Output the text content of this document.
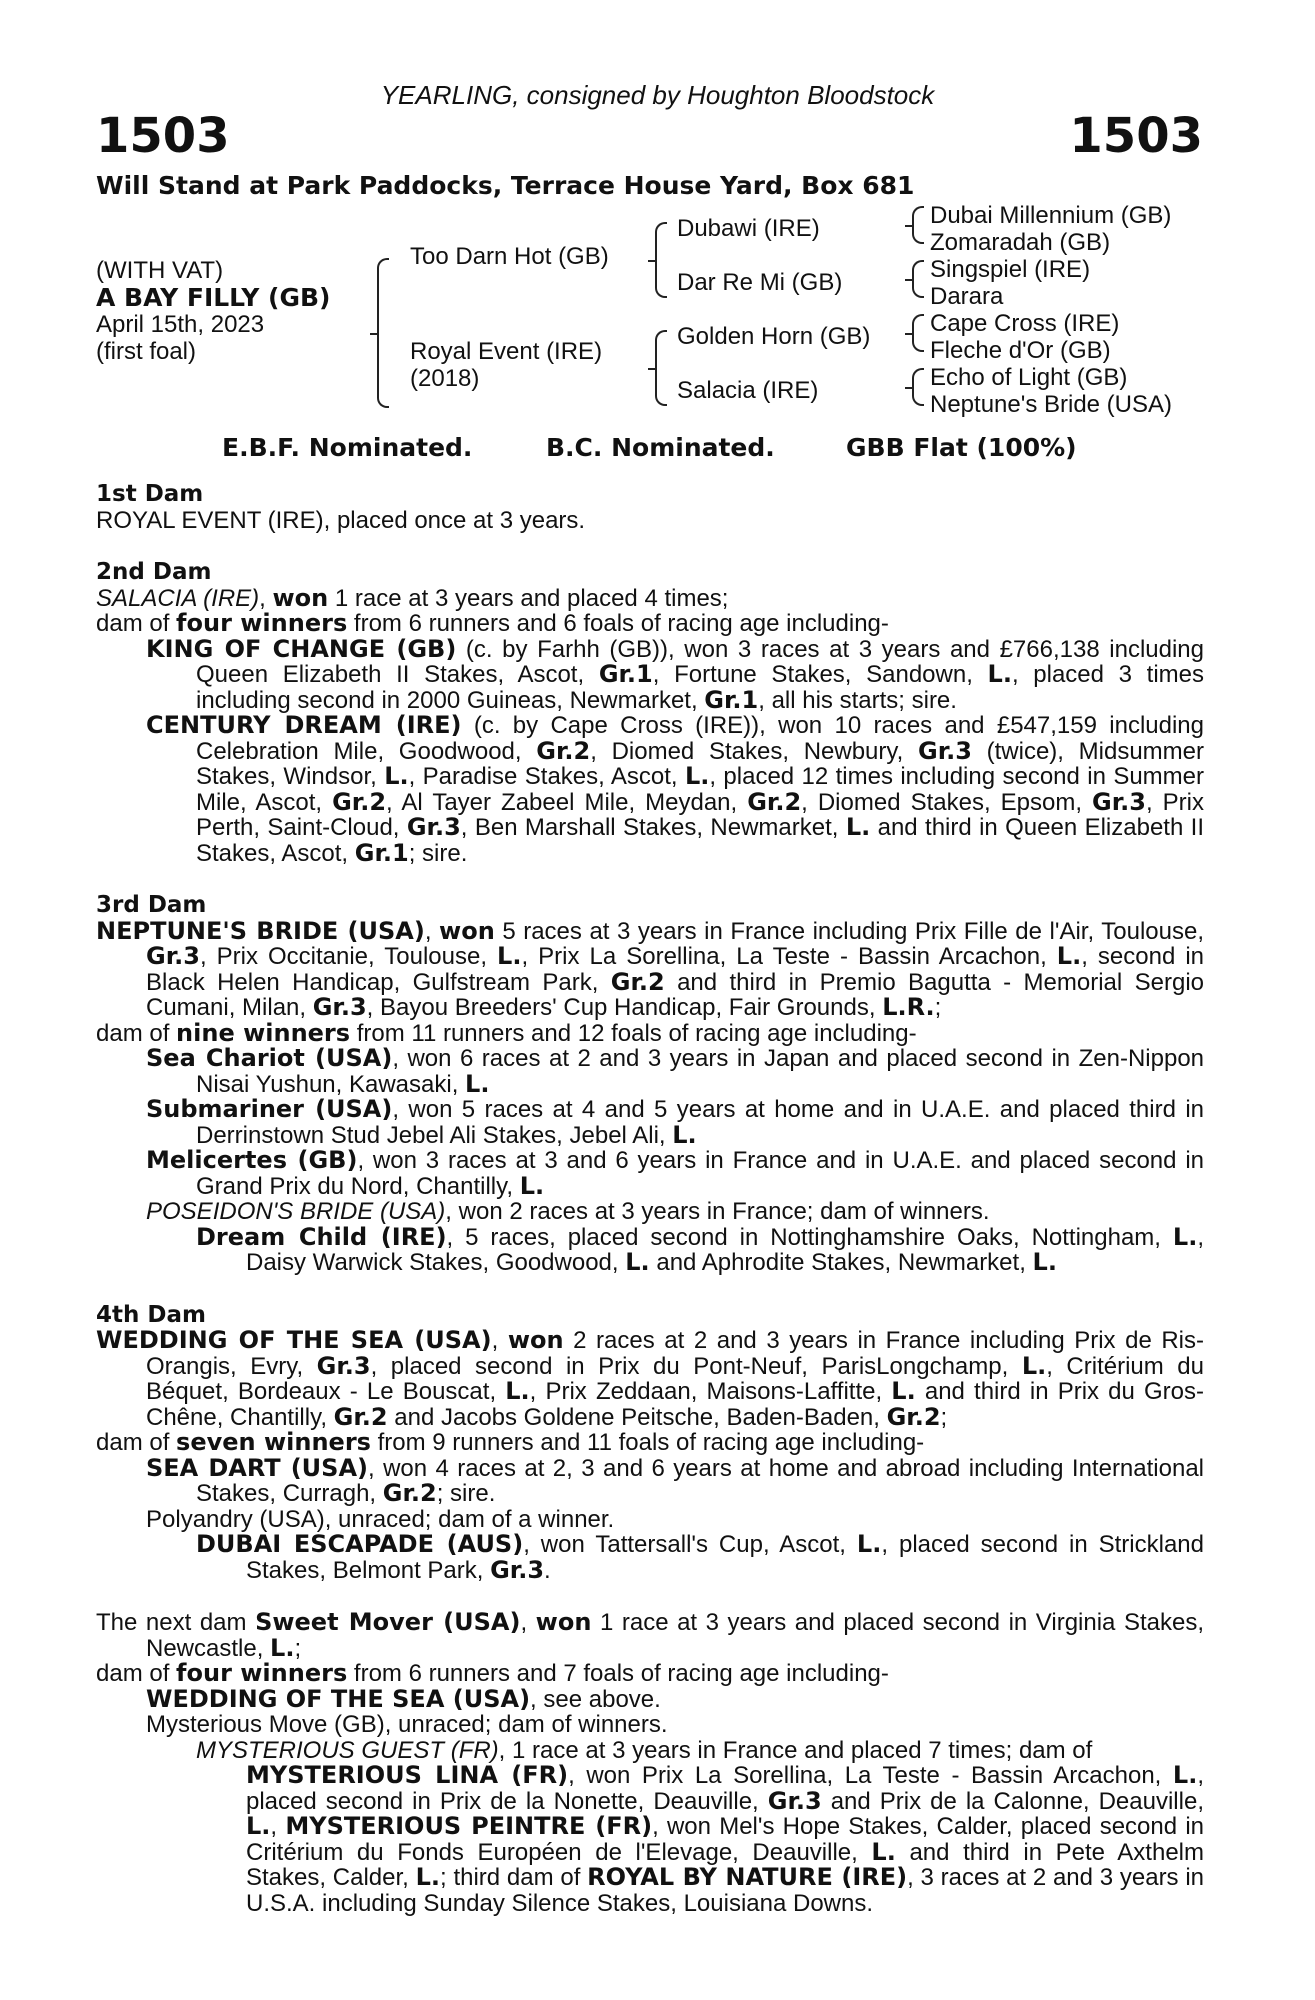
YEARLING, consigned by Houghton Bloodstock
1503	1503
Will Stand at Park Paddocks, Terrace House Yard, Box 681
(WITH VAT)
A BAY FILLY (GB)
April 15th, 2023
(first foal)
Too Darn Hot (GB)
Royal Event (IRE)
(2018)
Dubawi (IRE)
Dar Re Mi (GB)
Golden Horn (GB)
Salacia (IRE)
Dubai Millennium (GB)
Zomaradah (GB)
Singspiel (IRE)
Darara
Cape Cross (IRE)
Fleche d'Or (GB)
Echo of Light (GB)
Neptune's Bride (USA)
E.B.F. Nominated.	B.C. Nominated.	GBB Flat (100%)
1st Dam
ROYAL EVENT (IRE), placed once at 3 years.
2nd Dam
SALACIA (IRE), won 1 race at 3 years and placed 4 times;
dam of four winners from 6 runners and 6 foals of racing age including-
KING OF CHANGE (GB) (c. by Farhh (GB)), won 3 races at 3 years and £766,138 including Queen Elizabeth II Stakes, Ascot, Gr.1, Fortune Stakes, Sandown, L., placed 3 times including second in 2000 Guineas, Newmarket, Gr.1, all his starts; sire.
CENTURY DREAM (IRE) (c. by Cape Cross (IRE)), won 10 races and £547,159 including Celebration Mile, Goodwood, Gr.2, Diomed Stakes, Newbury, Gr.3 (twice), Midsummer Stakes, Windsor, L., Paradise Stakes, Ascot, L., placed 12 times including second in Summer Mile, Ascot, Gr.2, Al Tayer Zabeel Mile, Meydan, Gr.2, Diomed Stakes, Epsom, Gr.3, Prix Perth, Saint-Cloud, Gr.3, Ben Marshall Stakes, Newmarket, L. and third in Queen Elizabeth II Stakes, Ascot, Gr.1; sire.
3rd Dam
NEPTUNE'S BRIDE (USA), won 5 races at 3 years in France including Prix Fille de l'Air, Toulouse, Gr.3, Prix Occitanie, Toulouse, L., Prix La Sorellina, La Teste - Bassin Arcachon, L., second in Black Helen Handicap, Gulfstream Park, Gr.2 and third in Premio Bagutta - Memorial Sergio Cumani, Milan, Gr.3, Bayou Breeders' Cup Handicap, Fair Grounds, L.R.;
dam of nine winners from 11 runners and 12 foals of racing age including-
Sea Chariot (USA), won 6 races at 2 and 3 years in Japan and placed second in Zen-Nippon Nisai Yushun, Kawasaki, L.
Submariner (USA), won 5 races at 4 and 5 years at home and in U.A.E. and placed third in Derrinstown Stud Jebel Ali Stakes, Jebel Ali, L.
Melicertes (GB), won 3 races at 3 and 6 years in France and in U.A.E. and placed second in Grand Prix du Nord, Chantilly, L.
POSEIDON'S BRIDE (USA), won 2 races at 3 years in France; dam of winners.
Dream Child (IRE), 5 races, placed second in Nottinghamshire Oaks, Nottingham, L., Daisy Warwick Stakes, Goodwood, L. and Aphrodite Stakes, Newmarket, L.
4th Dam
WEDDING OF THE SEA (USA), won 2 races at 2 and 3 years in France including Prix de Ris-Orangis, Evry, Gr.3, placed second in Prix du Pont-Neuf, ParisLongchamp, L., Critérium du Béquet, Bordeaux - Le Bouscat, L., Prix Zeddaan, Maisons-Laffitte, L. and third in Prix du Gros-Chêne, Chantilly, Gr.2 and Jacobs Goldene Peitsche, Baden-Baden, Gr.2;
dam of seven winners from 9 runners and 11 foals of racing age including-
SEA DART (USA), won 4 races at 2, 3 and 6 years at home and abroad including International Stakes, Curragh, Gr.2; sire.
Polyandry (USA), unraced; dam of a winner.
DUBAI ESCAPADE (AUS), won Tattersall's Cup, Ascot, L., placed second in Strickland Stakes, Belmont Park, Gr.3.
The next dam Sweet Mover (USA), won 1 race at 3 years and placed second in Virginia Stakes, Newcastle, L.;
dam of four winners from 6 runners and 7 foals of racing age including-
WEDDING OF THE SEA (USA), see above.
Mysterious Move (GB), unraced; dam of winners.
MYSTERIOUS GUEST (FR), 1 race at 3 years in France and placed 7 times; dam of
MYSTERIOUS LINA (FR), won Prix La Sorellina, La Teste - Bassin Arcachon, L., placed second in Prix de la Nonette, Deauville, Gr.3 and Prix de la Calonne, Deauville, L., MYSTERIOUS PEINTRE (FR), won Mel's Hope Stakes, Calder, placed second in Critérium du Fonds Européen de l'Elevage, Deauville, L. and third in Pete Axthelm Stakes, Calder, L.; third dam of ROYAL BY NATURE (IRE), 3 races at 2 and 3 years in U.S.A. including Sunday Silence Stakes, Louisiana Downs.
